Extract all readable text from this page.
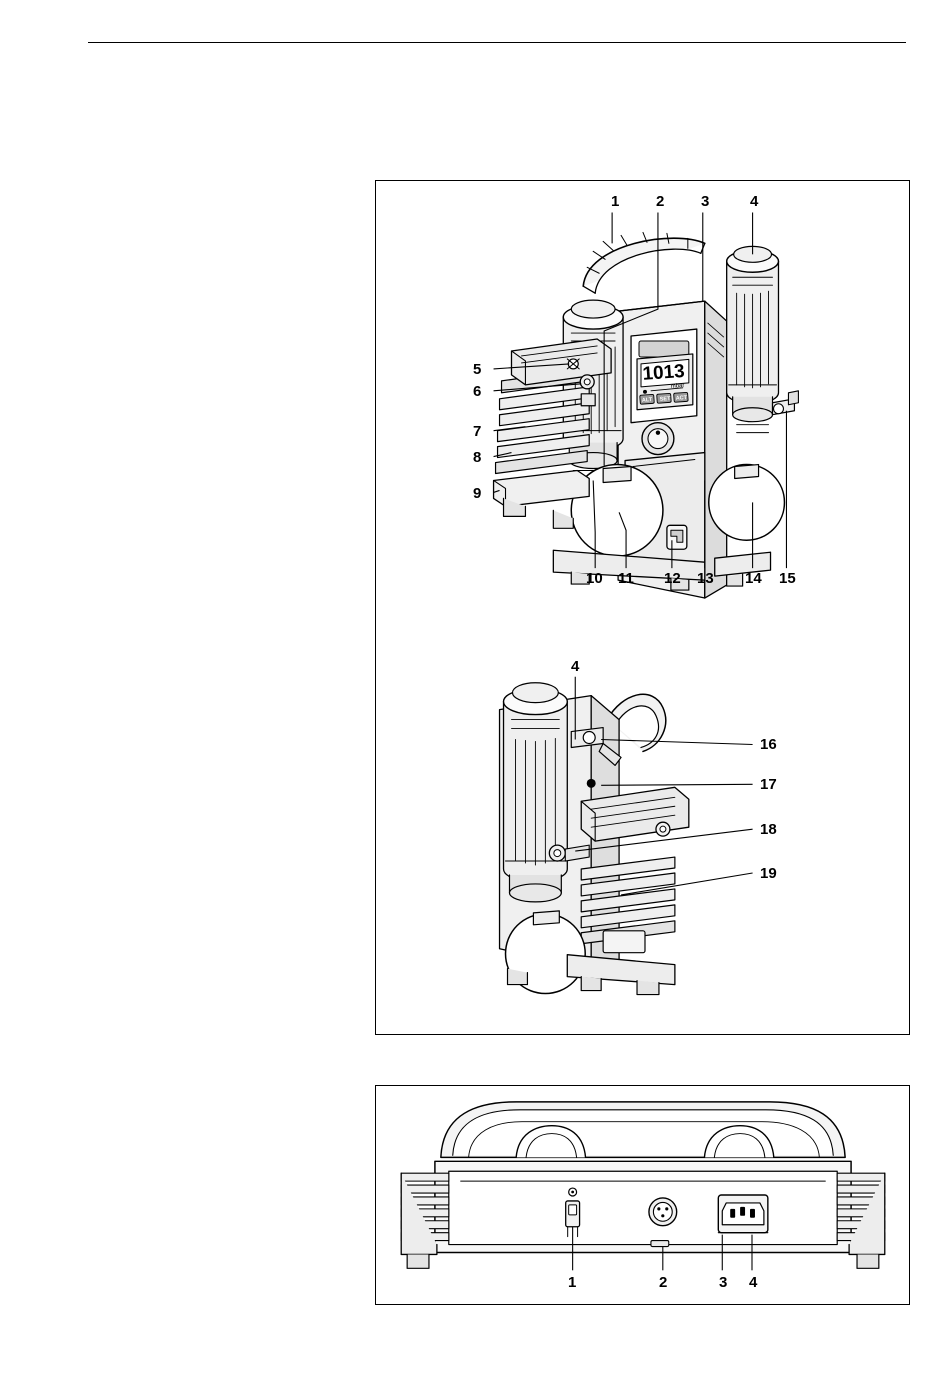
1013
mbar
ALT SET ACT
1 2 3	4
5
6
7
8
9
10 11 12 13 14 15
4
16
17
18
19
1	2	3 4
